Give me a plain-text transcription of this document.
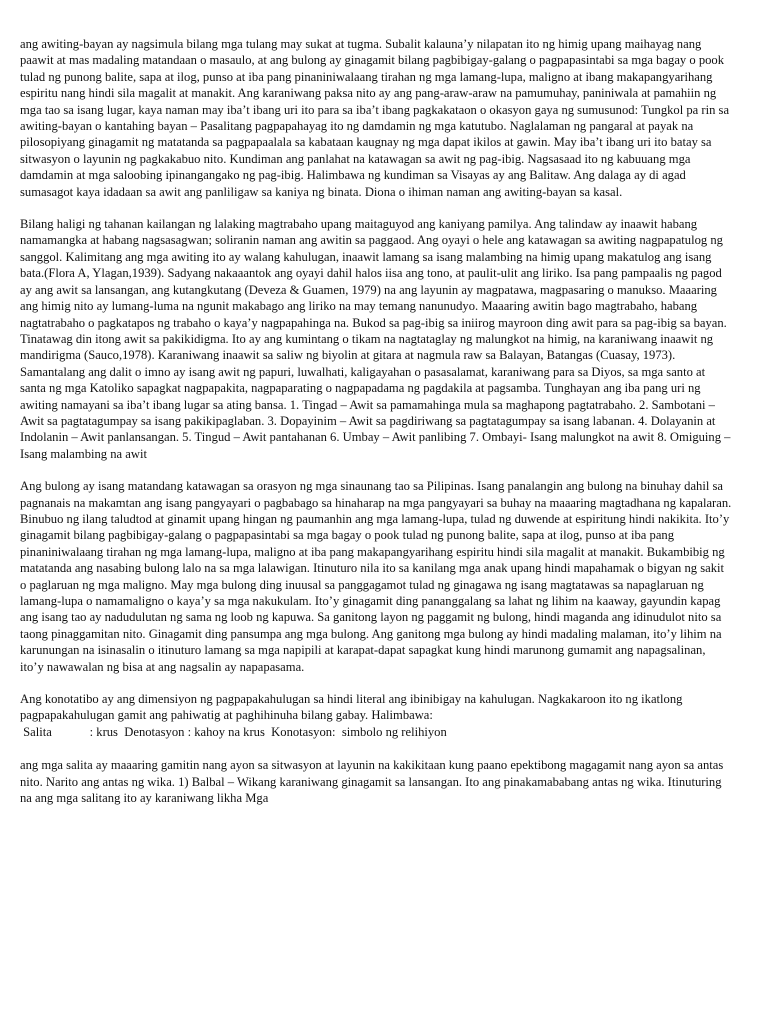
ang awiting-bayan ay nagsimula bilang mga tulang may sukat at tugma. Subalit kalauna’y nilapatan ito ng himig upang maihayag nang paawit at mas madaling matandaan o masaulo, at ang bulong ay ginagamit bilang pagbibigay-galang o pagpapasintabi sa mga bagay o pook tulad ng punong balite, sapa at ilog, punso at iba pang pinaniniwalaang tirahan ng mga lamang-lupa, maligno at ibang makapangyarihang espiritu nang hindi sila magalit at manakit. Ang karaniwang paksa nito ay ang pang-araw-araw na pamumuhay, paniniwala at pamahiin ng mga tao sa isang lugar, kaya naman may iba’t ibang uri ito para sa iba’t ibang pagkakataon o okasyon gaya ng sumusunod: Tungkol pa rin sa awiting-bayan o kantahing bayan – Pasalitang pagpapahayag ito ng damdamin ng mga katutubo. Naglalaman ng pangaral at payak na pilosopiyang ginagamit ng matatanda sa pagpapaalala sa kabataan kaugnay ng mga dapat ikilos at gawin. May iba’t ibang uri ito batay sa sitwasyon o layunin ng pagkakabuo nito. Kundiman ang panlahat na katawagan sa awit ng pag-ibig. Nagsasaad ito ng kabuuang mga damdamin at mga saloobing ipinangangako ng pag-ibig. Halimbawa ng kundiman sa Visayas ay ang Balitaw. Ang dalaga ay di agad sumasagot kaya idadaan sa awit ang panliligaw sa kaniya ng binata. Diona o ihiman naman ang awiting-bayan sa kasal.

Bilang haligi ng tahanan kailangan ng lalaking magtrabaho upang maitaguyod ang kaniyang pamilya. Ang talindaw ay inaawit habang namamangka at habang nagsasagwan; soliranin naman ang awitin sa paggaod. Ang oyayi o hele ang katawagan sa awiting nagpapatulog ng sanggol. Kalimitang ang mga awiting ito ay walang kahulugan, inaawit lamang sa isang malambing na himig upang makatulog ang isang bata.(Flora A, Ylagan,1939). Sadyang nakaaantok ang oyayi dahil halos iisa ang tono, at paulit-ulit ang liriko. Isa pang pampaalis ng pagod ay ang awit sa lansangan, ang kutangkutang (Deveza & Guamen, 1979) na ang layunin ay magpatawa, magpasaring o manukso. Maaaring ang himig nito ay lumang-luma na ngunit makabago ang liriko na may temang nanunudyo. Maaaring awitin bago magtrabaho, habang nagtatrabaho o pagkatapos ng trabaho o kaya’y nagpapahinga na. Bukod sa pag-ibig sa iniirog mayroon ding awit para sa pag-ibig sa bayan. Tinatawag din itong awit sa pakikidigma. Ito ay ang kumintang o tikam na nagtataglay ng malungkot na himig, na karaniwang inaawit ng mandirigma (Sauco,1978). Karaniwang inaawit sa saliw ng biyolin at gitara at nagmula raw sa Balayan, Batangas (Cuasay, 1973). Samantalang ang dalit o imno ay isang awit ng papuri, luwalhati, kaligayahan o pasasalamat, karaniwang para sa Diyos, sa mga santo at santa ng mga Katoliko sapagkat nagpapakita, nagpaparating o nagpapadama ng pagdakila at pagsamba. Tunghayan ang iba pang uri ng awiting namayani sa iba’t ibang lugar sa ating bansa. 1. Tingad – Awit sa pamamahinga mula sa maghapong pagtatrabaho. 2. Sambotani – Awit sa pagtatagumpay sa isang pakikipaglaban. 3. Dopayinim – Awit sa pagdiriwang sa pagtatagumpay sa isang labanan. 4. Dolayanin at Indolanin – Awit panlansangan. 5. Tingud – Awit pantahanan 6. Umbay – Awit panlibing 7. Ombayi- Isang malungkot na awit 8. Omiguing – Isang malambing na awit

Ang bulong ay isang matandang katawagan sa orasyon ng mga sinaunang tao sa Pilipinas. Isang panalangin ang bulong na binuhay dahil sa pagnanais na makamtan ang isang pangyayari o pagbabago sa hinaharap na mga pangyayari sa buhay na maaaring magtadhana ng kapalaran. Binubuo ng ilang taludtod at ginamit upang hingan ng paumanhin ang mga lamang-lupa, tulad ng duwende at espiritung hindi nakikita. Ito’y ginagamit bilang pagbibigay-galang o pagpapasintabi sa mga bagay o pook tulad ng punong balite, sapa at ilog, punso at iba pang pinaniniwalaang tirahan ng mga lamang-lupa, maligno at iba pang makapangyarihang espiritu hindi sila magalit at manakit. Bukambibig ng matatanda ang nasabing bulong lalo na sa mga lalawigan. Itinuturo nila ito sa kanilang mga anak upang hindi mapahamak o bigyan ng sakit o paglaruan ng mga maligno. May mga bulong ding inuusal sa panggagamot tulad ng ginagawa ng isang magtatawas sa napaglaruan ng lamang-lupa o namamaligno o kaya’y sa mga nakukulam. Ito’y ginagamit ding pananggalang sa lahat ng lihim na kaaway, gayundin kapag ang isang tao ay nadudulutan ng sama ng loob ng kapuwa. Sa ganitong layon ng paggamit ng bulong, hindi maganda ang idinudulot nito sa taong pinaggamitan nito. Ginagamit ding pansumpa ang mga bulong. Ang ganitong mga bulong ay hindi madaling malaman, ito’y lihim na karunungan na isinasalin o itinuturo lamang sa mga napipili at karapat-dapat sapagkat kung hindi marunong gumamit ang napagsalinan, ito’y nawawalan ng bisa at ang nagsalin ay napapasama.

Ang konotatibo ay ang dimensiyon ng pagpapakahulugan sa hindi literal ang ibinibigay na kahulugan. Nagkakaroon ito ng ikatlong pagpapakahulugan gamit ang pahiwatig at paghihinuha bilang gabay. Halimbawa:

Salita	: krus Denotasyon : kahoy na krus Konotasyon:  simbolo ng relihiyon

ang mga salita ay maaaring gamitin nang ayon sa sitwasyon at layunin na kakikitaan kung paano epektibong magagamit nang ayon sa antas nito. Narito ang antas ng wika. 1) Balbal – Wikang karaniwang ginagamit sa lansangan. Ito ang pinakamababang antas ng wika. Itinuturing na ang mga salitang ito ay karaniwang likha Mga
